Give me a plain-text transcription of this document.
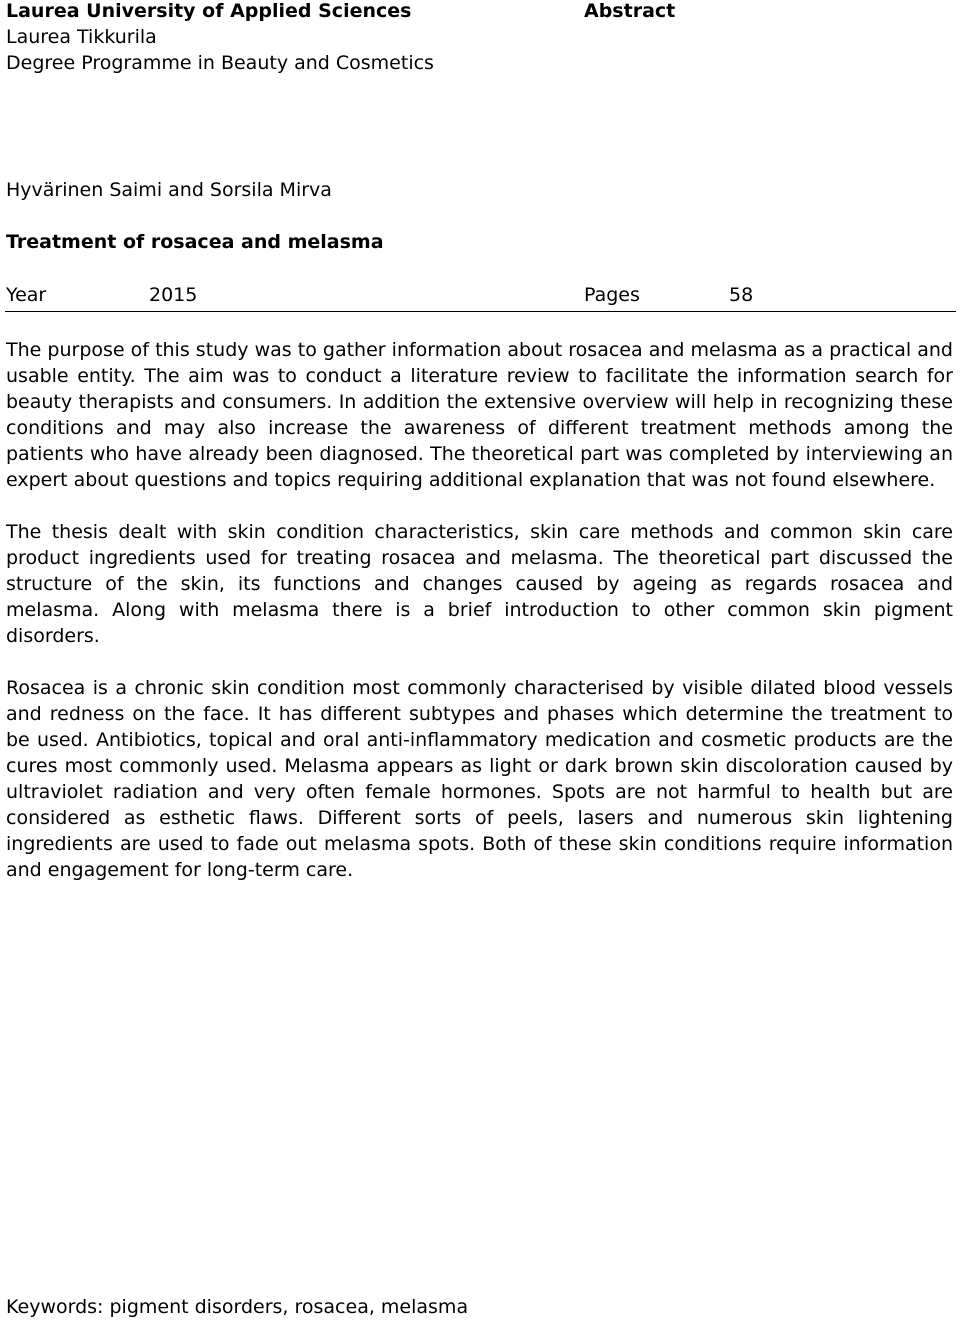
Laurea University of Applied Sciences
Laurea Tikkurila
Degree Programme in Beauty and Cosmetics
Abstract
Hyvärinen Saimi and Sorsila Mirva
Treatment of rosacea and melasma
Year	2015	Pages	58

The purpose of this study was to gather information about rosacea and melasma as a practical and usable entity. The aim was to conduct a literature review to facilitate the information search for beauty therapists and consumers. In addition the extensive overview will help in recognizing these conditions and may also increase the awareness of different treatment methods among the patients who have already been diagnosed. The theoretical part was completed by interviewing an expert about questions and topics requiring additional explanation that was not found elsewhere.

The thesis dealt with skin condition characteristics, skin care methods and common skin care product ingredients used for treating rosacea and melasma. The theoretical part discussed the structure of the skin, its functions and changes caused by ageing as regards rosacea and melasma. Along with melasma there is a brief introduction to other common skin pigment disorders.

Rosacea is a chronic skin condition most commonly characterised by visible dilated blood vessels and redness on the face. It has different subtypes and phases which determine the treatment to be used. Antibiotics, topical and oral anti-inflammatory medication and cosmetic products are the cures most commonly used. Melasma appears as light or dark brown skin discoloration caused by ultraviolet radiation and very often female hormones. Spots are not harmful to health but are considered as esthetic flaws. Different sorts of peels, lasers and numerous skin lightening ingredients are used to fade out melasma spots. Both of these skin conditions require information and engagement for long-term care.

Keywords: pigment disorders, rosacea, melasma
